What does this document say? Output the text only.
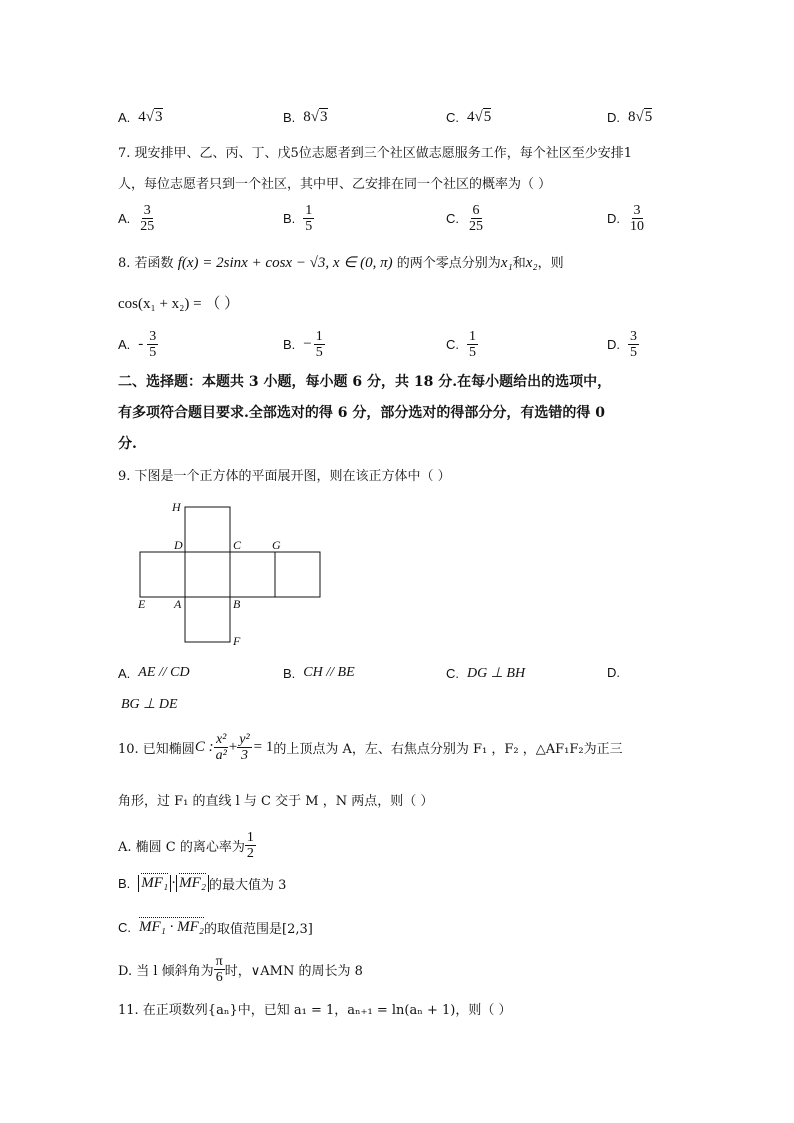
A. 4 √ 3	B. 8 √ 3	C. 4 √ 5	D. 8 √ 5
7. 现安排甲、乙、丙、丁、戊5位志愿者到三个社区做志愿服务工作，每个社区至少安排1
人，每位志愿者只到一个社区，其中甲、乙安排在同一个社区的概率为（ ）
A. $\frac{3}{25}$	B. $\frac{1}{5}$	C. $\frac{6}{25}$	D. $\frac{3}{10}$
8. 若函数 f(x) = 2sinx + cosx − √3, x ∈ (0, π) 的两个零点分别为x₁和x₂，则
cos(x₁ + x₂) = （ ）
A. - $\frac{3}{5}$	B. − $\frac{1}{5}$	C. $\frac{1}{5}$	D. $\frac{3}{5}$
二、选择题：本题共 3 小题，每小题 6 分，共 18 分.在每小题给出的选项中，
有多项符合题目要求.全部选对的得 6 分，部分选对的得部分分，有选错的得 0
分.
9. 下图是一个正方体的平面展开图，则在该正方体中（ ）
H
D	C	G
E A	B
F
A. AE // CD	B. CH // BE	C. DG ⊥ BH	D.
BG ⊥ DE
10. 已知椭圆 C : $\frac{\text{x²}}{\text{a²}} + \frac{\text{y²}}{3} = 1$ 的上顶点为 A，左、右焦点分别为 F₁ ，F₂ ，△AF₁F₂为正三
角形，过 F₁ 的直线 l 与 C 交于 M ，N 两点，则（ ）
A. 椭圆 C 的离心率为 $\frac{1}{2}$
B. MF₁ · MF₂ 的最大值为 3
C. MF₁ · MF₂ 的取值范围是[2,3]
D. 当 l 倾斜角为 $\frac{\pi}{6}$ 时，∨AMN 的周长为 8
11. 在正项数列{aₙ}中，已知 a₁ = 1，aₙ₊₁ = ln(aₙ + 1)，则（ ）
